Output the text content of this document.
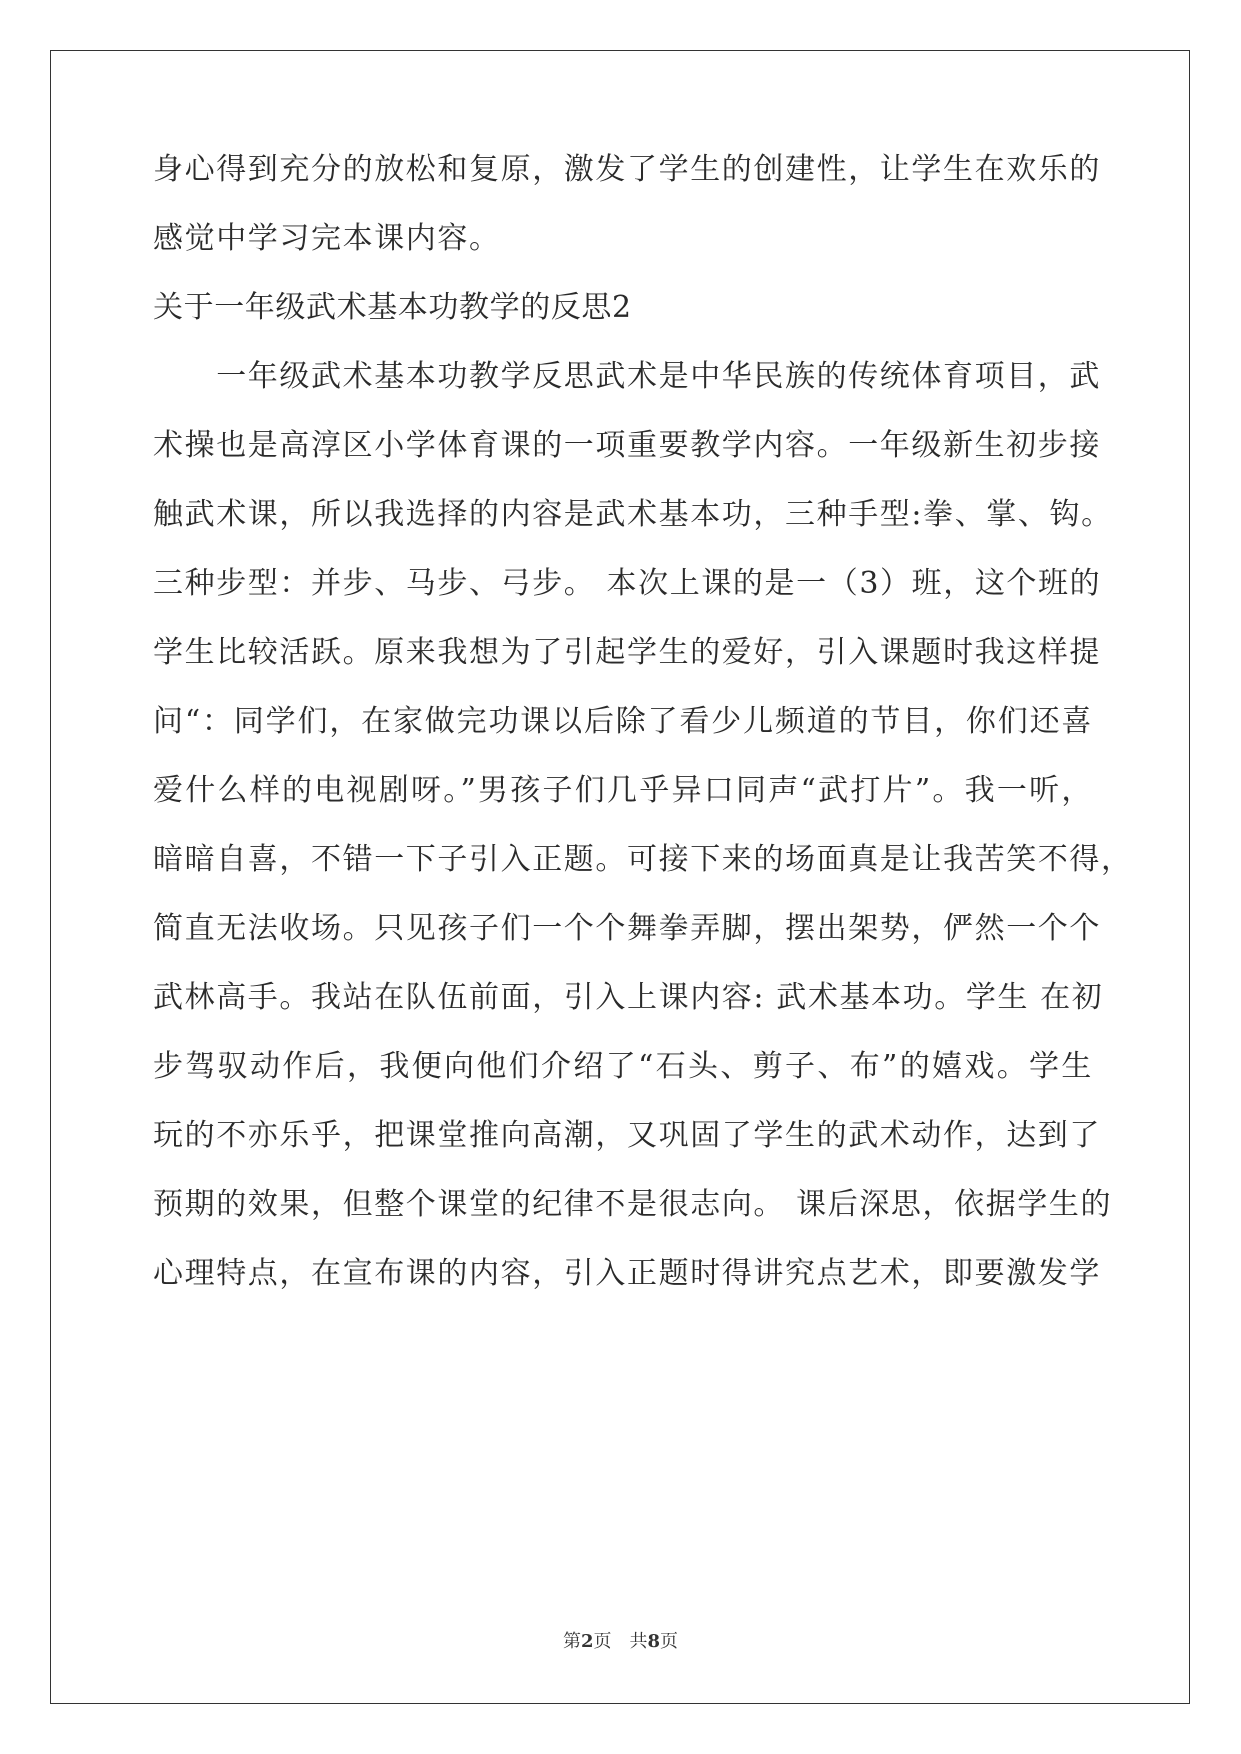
身心得到充分的放松和复原，激发了学生的创建性，让学生在欢乐的
感觉中学习完本课内容。
关于一年级武术基本功教学的反思2
　　一年级武术基本功教学反思武术是中华民族的传统体育项目，武
术操也是高淳区小学体育课的一项重要教学内容。一年级新生初步接
触武术课，所以我选择的内容是武术基本功，三种手型:拳、掌、钩。
三种步型：并步、马步、弓步。 本次上课的是一（3）班，这个班的
学生比较活跃。原来我想为了引起学生的爱好，引入课题时我这样提
问“：同学们，在家做完功课以后除了看少儿频道的节目，你们还喜
爱什么样的电视剧呀。”男孩子们几乎异口同声“武打片”。我一听，
暗暗自喜，不错一下子引入正题。可接下来的场面真是让我苦笑不得，
简直无法收场。只见孩子们一个个舞拳弄脚，摆出架势，俨然一个个
武林高手。我站在队伍前面，引入上课内容: 武术基本功。学生 在初
步驾驭动作后，我便向他们介绍了“石头、剪子、布”的嬉戏。学生
玩的不亦乐乎，把课堂推向高潮，又巩固了学生的武术动作，达到了
预期的效果，但整个课堂的纪律不是很志向。 课后深思，依据学生的
心理特点，在宣布课的内容，引入正题时得讲究点艺术，即要激发学
第2页　共8页
